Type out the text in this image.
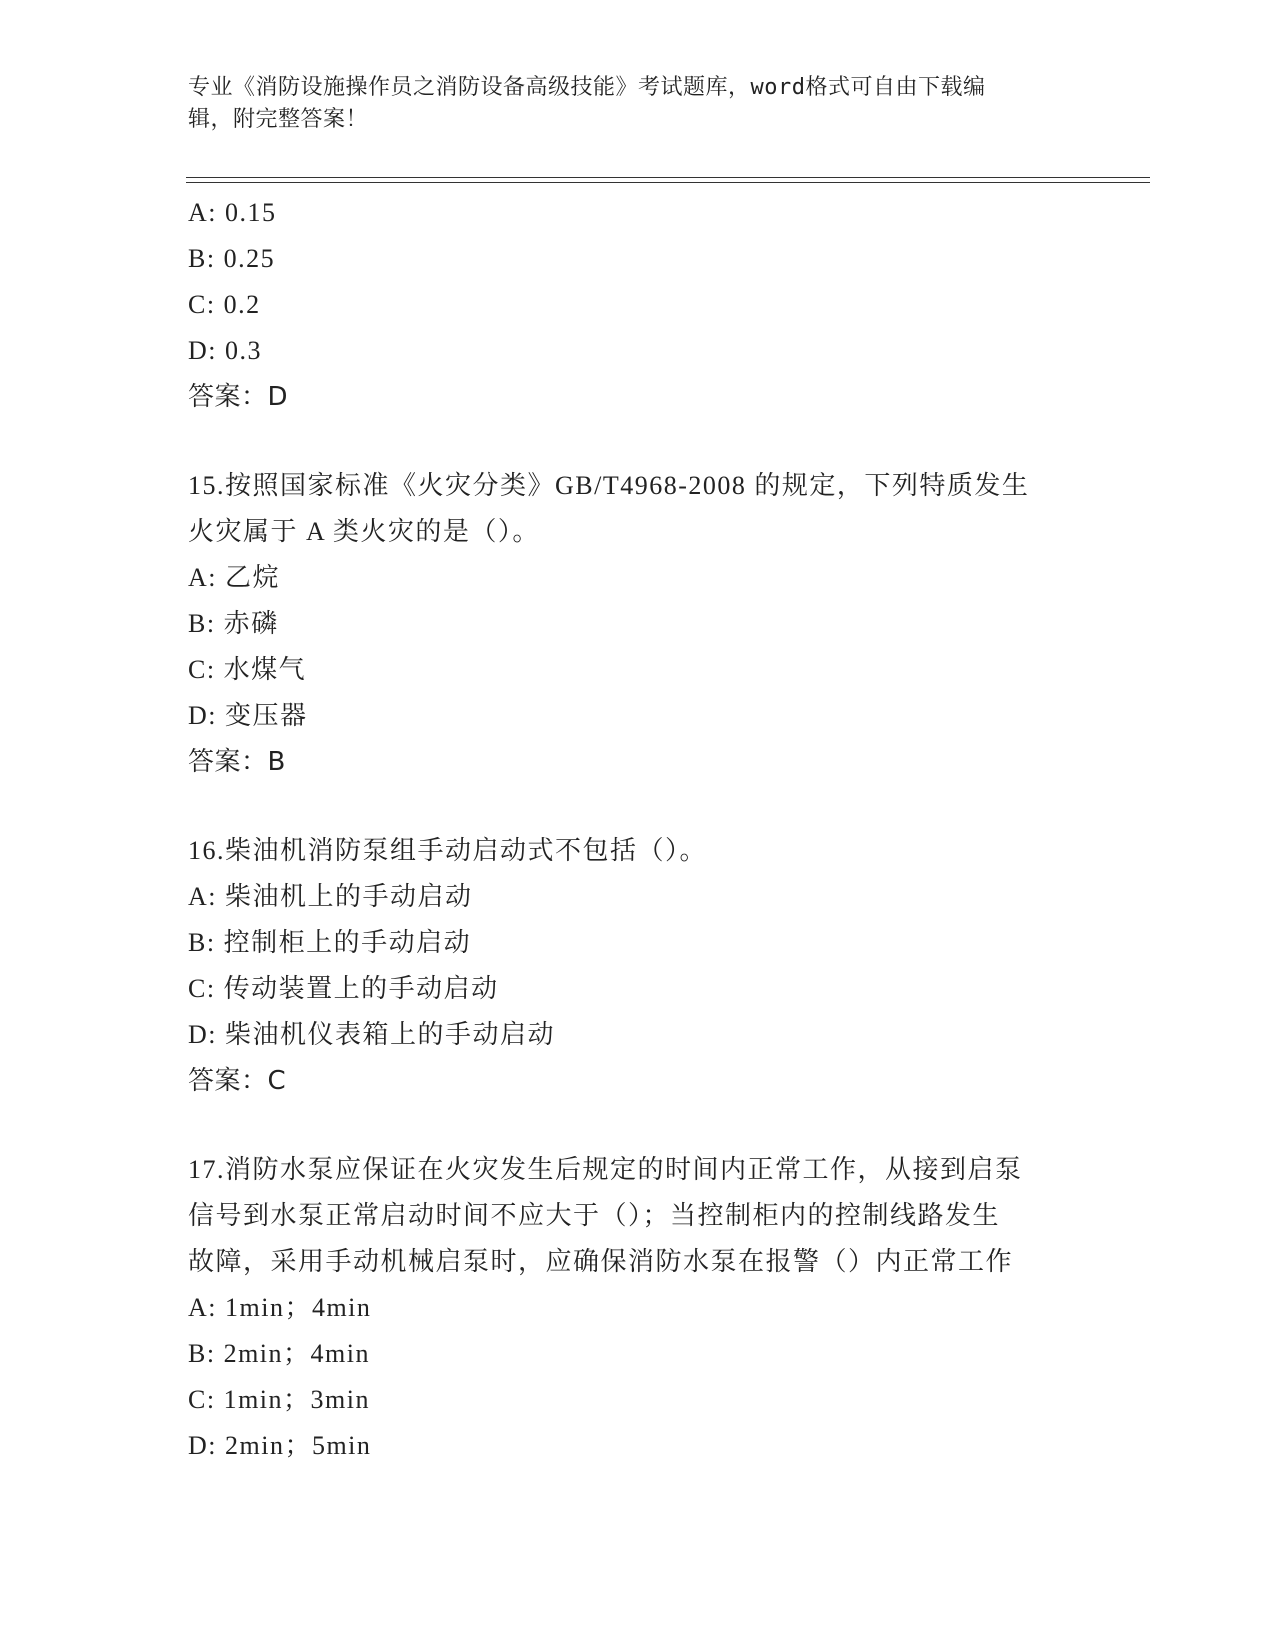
专业《消防设施操作员之消防设备高级技能》考试题库，word格式可自由下载编
辑，附完整答案！
A: 0.15
B: 0.25
C: 0.2
D: 0.3
答案：D
15.按照国家标准《火灾分类》GB/T4968-2008 的规定，下列特质发生
火灾属于 A 类火灾的是（）。
A: 乙烷
B: 赤磷
C: 水煤气
D: 变压器
答案：B
16.柴油机消防泵组手动启动式不包括（）。
A: 柴油机上的手动启动
B: 控制柜上的手动启动
C: 传动装置上的手动启动
D: 柴油机仪表箱上的手动启动
答案：C
17.消防水泵应保证在火灾发生后规定的时间内正常工作，从接到启泵
信号到水泵正常启动时间不应大于（）；当控制柜内的控制线路发生
故障，采用手动机械启泵时，应确保消防水泵在报警（）内正常工作
A: 1min；4min
B: 2min；4min
C: 1min；3min
D: 2min；5min
